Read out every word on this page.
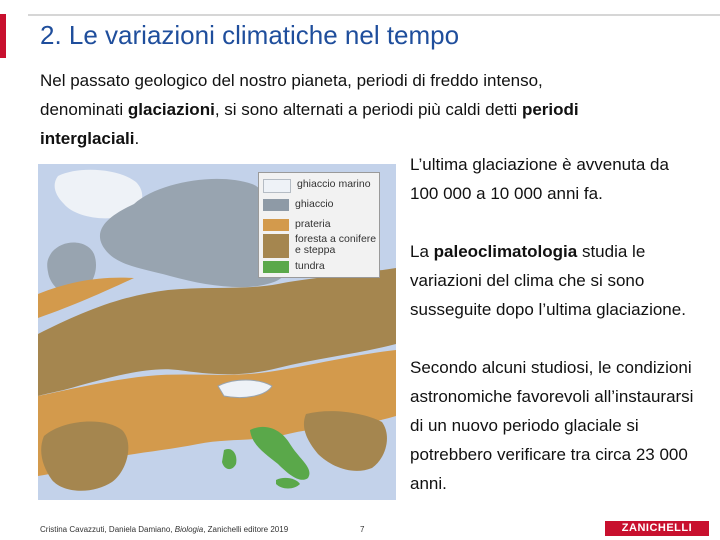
2. Le variazioni climatiche nel tempo
Nel passato geologico del nostro pianeta, periodi di freddo intenso, denominati glaciazioni, si sono alternati a periodi più caldi detti periodi interglaciali.
ghiaccio marino
ghiaccio
prateria
foresta a conifere
e steppa
tundra

L’ultima glaciazione è avvenuta da 100 000 a 10 000 anni fa.

La paleoclimatologia studia le variazioni del clima che si sono susseguite dopo l’ultima glaciazione.

Secondo alcuni studiosi, le condizioni astronomiche favorevoli all’instaurarsi di un nuovo periodo glaciale si potrebbero verificare tra circa 23 000 anni.

Cristina Cavazzuti, Daniela Damiano, Biologia, Zanichelli editore 2019	7	ZANICHELLI
